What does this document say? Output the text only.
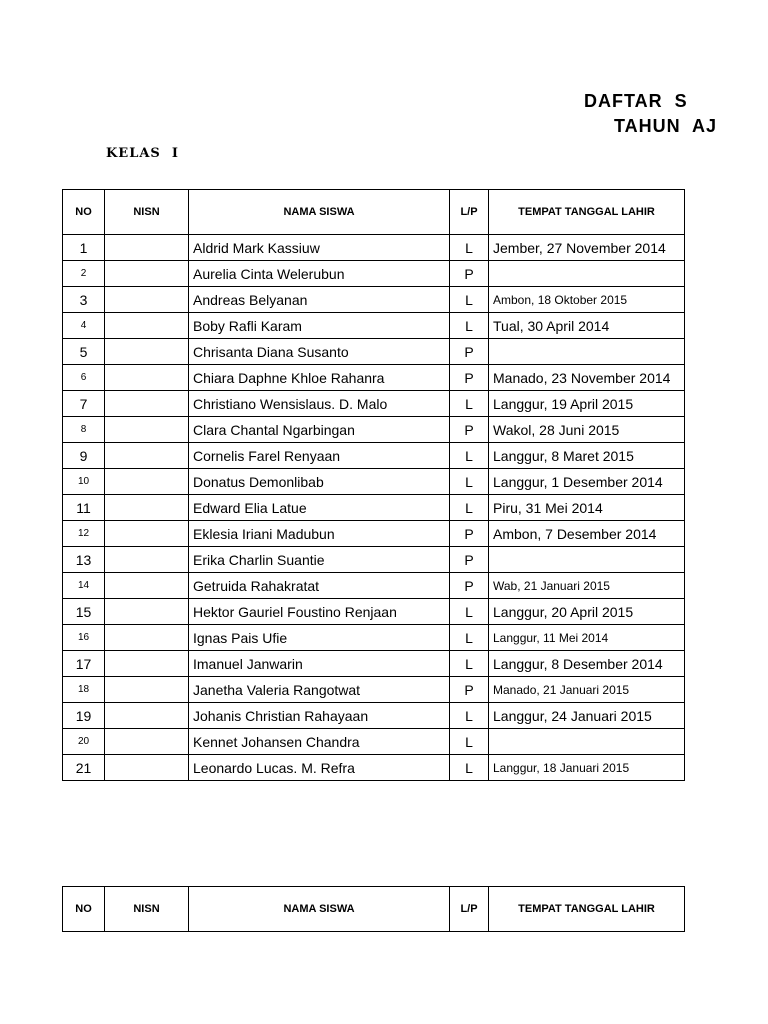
DAFTAR  S
TAHUN  AJ
KELAS  I
NO	NISN	NAMA SISWA	L/P	TEMPAT TANGGAL LAHIR
1		Aldrid Mark Kassiuw	L	Jember, 27 November 2014
2		Aurelia Cinta Welerubun	P	
3		Andreas Belyanan	L	Ambon, 18 Oktober 2015
4		Boby Rafli Karam	L	Tual, 30 April 2014
5		Chrisanta Diana Susanto	P	
6		Chiara Daphne Khloe Rahanra	P	Manado, 23 November 2014
7		Christiano Wensislaus. D. Malo	L	Langgur, 19 April 2015
8		Clara Chantal Ngarbingan	P	Wakol, 28 Juni 2015
9		Cornelis Farel Renyaan	L	Langgur, 8 Maret 2015
10		Donatus Demonlibab	L	Langgur, 1 Desember 2014
11		Edward Elia Latue	L	Piru, 31 Mei 2014
12		Eklesia Iriani Madubun	P	Ambon, 7 Desember 2014
13		Erika Charlin Suantie	P	
14		Getruida Rahakratat	P	Wab, 21 Januari 2015
15		Hektor Gauriel Foustino Renjaan	L	Langgur, 20 April 2015
16		Ignas Pais Ufie	L	Langgur, 11 Mei 2014
17		Imanuel Janwarin	L	Langgur, 8 Desember 2014
18		Janetha Valeria Rangotwat	P	Manado, 21 Januari 2015
19		Johanis Christian Rahayaan	L	Langgur, 24 Januari 2015
20		Kennet Johansen Chandra	L	
21		Leonardo Lucas. M. Refra	L	Langgur, 18 Januari 2015
NO	NISN	NAMA SISWA	L/P	TEMPAT TANGGAL LAHIR
